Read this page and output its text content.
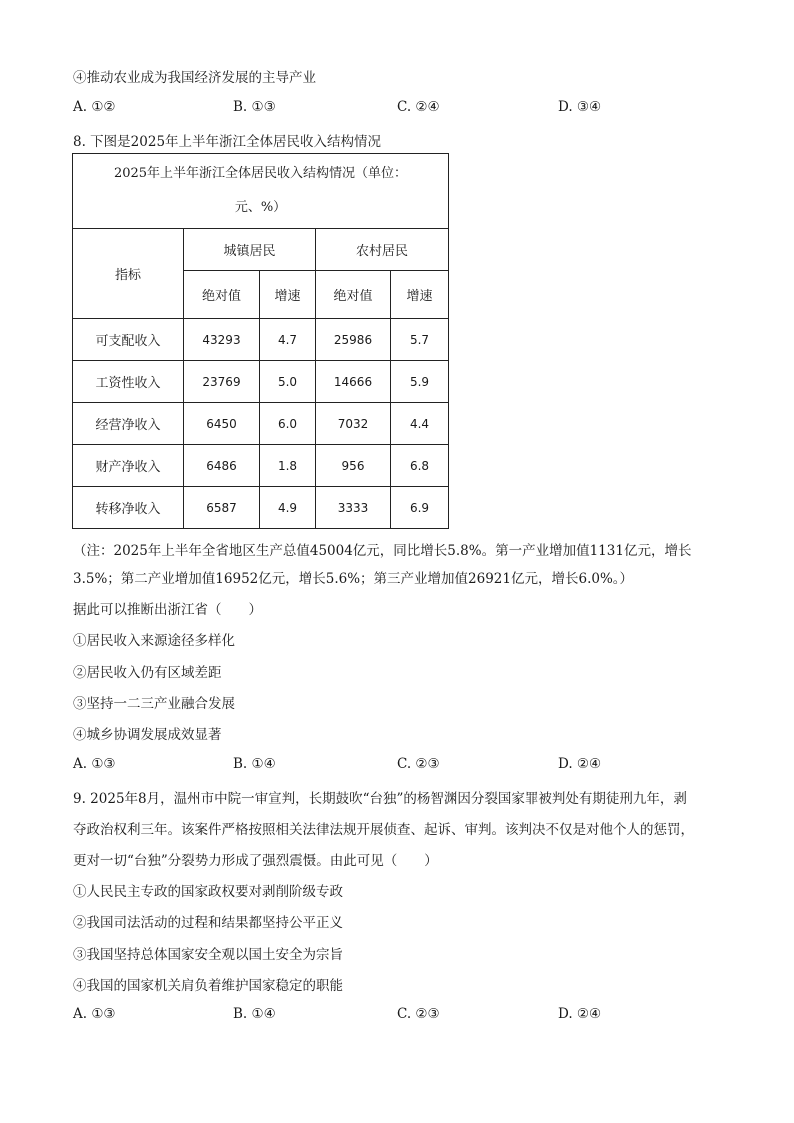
④推动农业成为我国经济发展的主导产业
A. ①②	B. ①③	C. ②④	D. ③④
8. 下图是2025年上半年浙江全体居民收入结构情况
2025年上半年浙江全体居民收入结构情况（单位：
元、%）				

指标	城镇居民		农村居民	
	绝对值	增速	绝对值	增速
可支配收入	43293	4.7	25986	5.7
工资性收入	23769	5.0	14666	5.9
经营净收入	6450	6.0	7032	4.4
财产净收入	6486	1.8	956	6.8
转移净收入	6587	4.9	3333	6.9
（注：2025年上半年全省地区生产总值45004亿元，同比增长5.8%。第一产业增加值1131亿元，增长
3.5%；第二产业增加值16952亿元，增长5.6%；第三产业增加值26921亿元，增长6.0%。）
据此可以推断出浙江省（　　）
①居民收入来源途径多样化
②居民收入仍有区域差距
③坚持一二三产业融合发展
④城乡协调发展成效显著
A. ①③	B. ①④	C. ②③	D. ②④
9. 2025年8月，温州市中院一审宣判，长期鼓吹“台独”的杨智渊因分裂国家罪被判处有期徒刑九年，剥
夺政治权利三年。该案件严格按照相关法律法规开展侦查、起诉、审判。该判决不仅是对他个人的惩罚，
更对一切“台独”分裂势力形成了强烈震慑。由此可见（　　）
①人民民主专政的国家政权要对剥削阶级专政
②我国司法活动的过程和结果都坚持公平正义
③我国坚持总体国家安全观以国土安全为宗旨
④我国的国家机关肩负着维护国家稳定的职能
A. ①③	B. ①④	C. ②③	D. ②④
